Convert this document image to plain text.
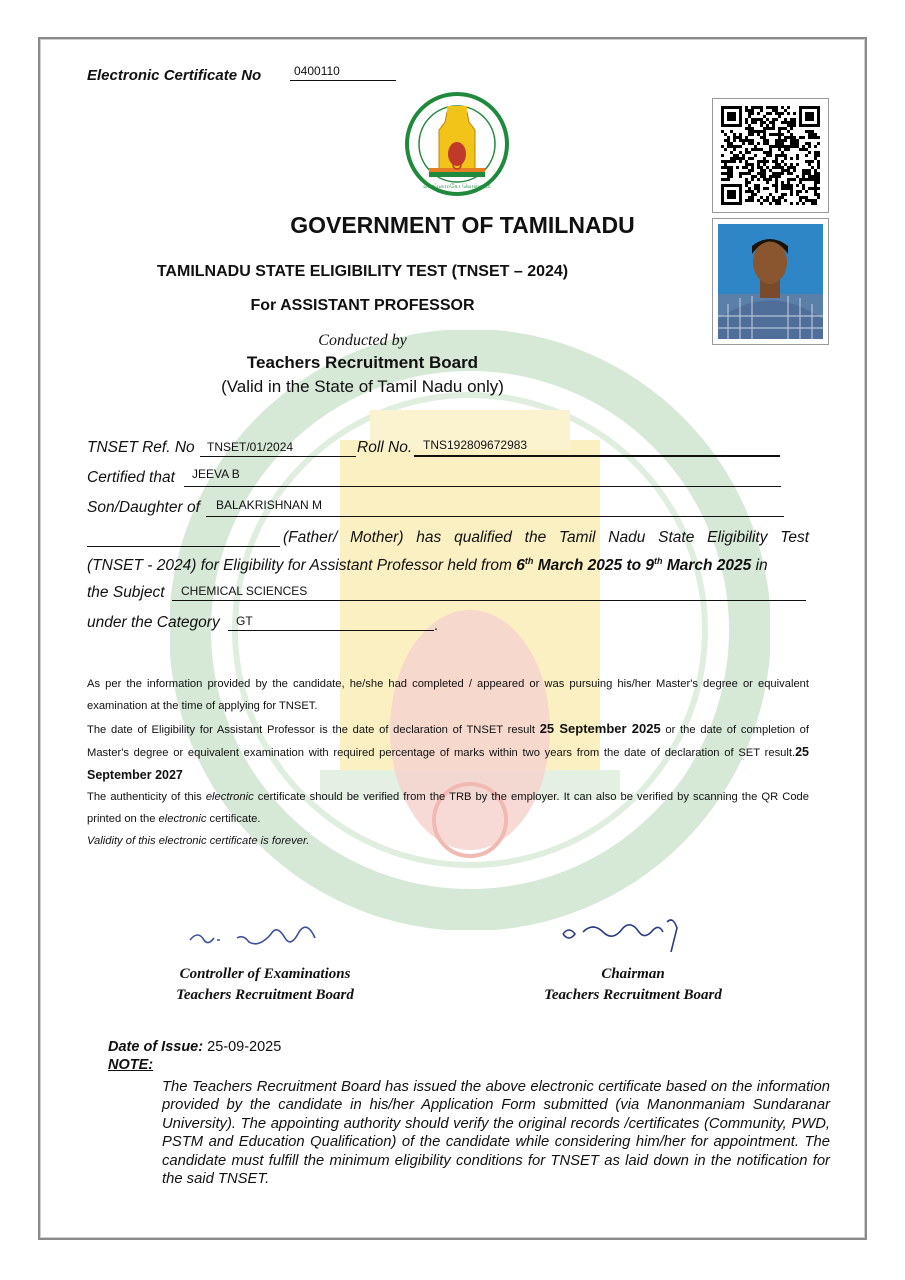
Electronic Certificate No	0400110
வாய்மையே வெல்லும்
GOVERNMENT OF TAMILNADU
TAMILNADU STATE ELIGIBILITY TEST (TNSET – 2024)
For ASSISTANT PROFESSOR
Conducted by
Teachers Recruitment Board
(Valid in the State of Tamil Nadu only)
TNSET Ref. No TNSET/01/2024	Roll No. TNS192809672983
Certified that JEEVA B
Son/Daughter of BALAKRISHNAN M
(Father/ Mother) has qualified the Tamil Nadu State Eligibility Test
(TNSET - 2024) for Eligibility for Assistant Professor held from 6th March 2025 to 9th March 2025 in
the Subject CHEMICAL SCIENCES
under the Category GT	.
As per the information provided by the candidate, he/she had completed / appeared or was pursuing his/her Master's degree or equivalent examination at the time of applying for TNSET.
The date of Eligibility for Assistant Professor is the date of declaration of TNSET result 25 September 2025 or the date of completion of Master's degree or equivalent examination with required percentage of marks within two years from the date of declaration of SET result.25 September 2027
The authenticity of this electronic certificate should be verified from the TRB by the employer. It can also be verified by scanning the QR Code printed on the electronic certificate.
Validity of this electronic certificate is forever.
Controller of Examinations
Teachers Recruitment Board
Chairman
Teachers Recruitment Board
Date of Issue: 25-09-2025
NOTE:
The Teachers Recruitment Board has issued the above electronic certificate based on the information provided by the candidate in his/her Application Form submitted (via Manonmaniam Sundaranar University). The appointing authority should verify the original records /certificates (Community, PWD, PSTM and Education Qualification) of the candidate while considering him/her for appointment. The candidate must fulfill the minimum eligibility conditions for TNSET as laid down in the notification for the said TNSET.
